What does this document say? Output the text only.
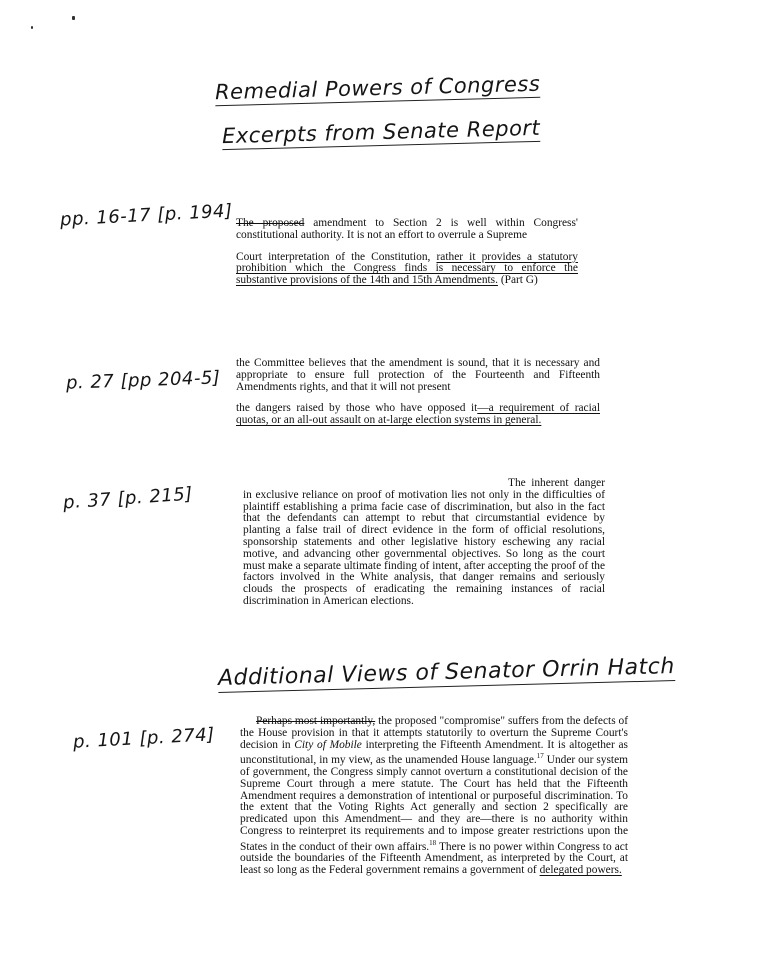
Remedial Powers of Congress
Excerpts from Senate Report
pp. 16-17 [p. 194] The proposed amendment to Section 2 is well within Congress' constitutional authority. It is not an effort to overrule a Supreme

Court interpretation of the Constitution, rather it provides a statutory prohibition which the Congress finds is necessary to enforce the substantive provisions of the 14th and 15th Amendments. (Part G)

p. 27 [pp 204-5]

the Committee believes that the amendment is sound, that it is necessary and appropriate to ensure full protection of the Fourteenth and Fifteenth Amendments rights, and that it will not present

the dangers raised by those who have opposed it—a requirement of racial quotas, or an all-out assault on at-large election systems in general.

p. 37 [p. 215]

The inherent danger in exclusive reliance on proof of motivation lies not only in the difficulties of plaintiff establishing a prima facie case of discrimination, but also in the fact that the defendants can attempt to rebut that circumstantial evidence by planting a false trail of direct evidence in the form of official resolutions, sponsorship statements and other legislative history eschewing any racial motive, and advancing other governmental objectives. So long as the court must make a separate ultimate finding of intent, after accepting the proof of the factors involved in the White analysis, that danger remains and seriously clouds the prospects of eradicating the remaining instances of racial discrimination in American elections.

Additional Views of Senator Orrin Hatch
p. 101 [p. 274]

Perhaps most importantly, the proposed "compromise" suffers from the defects of the House provision in that it attempts statutorily to overturn the Supreme Court's decision in City of Mobile interpreting the Fifteenth Amendment. It is altogether as unconstitutional, in my view, as the unamended House language.$^{17}$ Under our system of government, the Congress simply cannot overturn a constitutional decision of the Supreme Court through a mere statute. The Court has held that the Fifteenth Amendment requires a demonstration of intentional or purposeful discrimination. To the extent that the Voting Rights Act generally and section 2 specifically are predicated upon this Amendment— and they are—there is no authority within Congress to reinterpret its requirements and to impose greater restrictions upon the States in the conduct of their own affairs.$^{18}$ There is no power within Congress to act outside the boundaries of the Fifteenth Amendment, as interpreted by the Court, at least so long as the Federal government remains a government of delegated powers.
